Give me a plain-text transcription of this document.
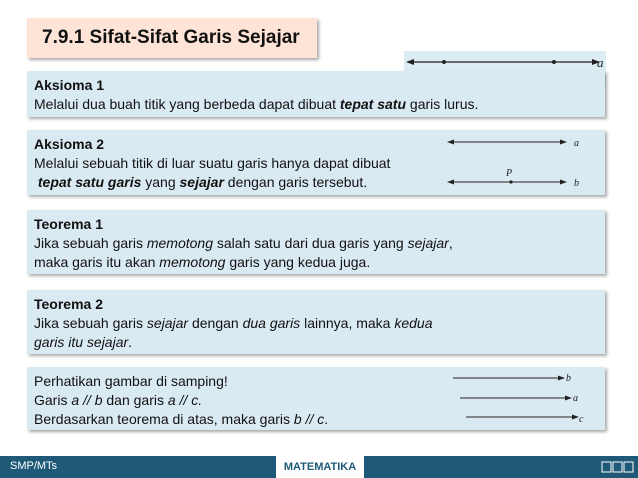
7.9.1 Sifat-Sifat Garis Sejajar
a
Aksioma 1
Melalui dua buah titik yang berbeda dapat dibuat tepat satu garis lurus.
Aksioma 2
Melalui sebuah titik di luar suatu garis hanya dapat dibuat
tepat satu garis yang sejajar dengan garis tersebut.
a
b
P
Teorema 1
Jika sebuah garis memotong salah satu dari dua garis yang sejajar,
maka garis itu akan memotong garis yang kedua juga.
Teorema 2
Jika sebuah garis sejajar dengan dua garis lainnya, maka kedua
garis itu sejajar.
Perhatikan gambar di samping!
Garis a // b dan garis a // c.
Berdasarkan teorema di atas, maka garis b // c.
b
a
c
SMP/MTs	MATEMATIKA
